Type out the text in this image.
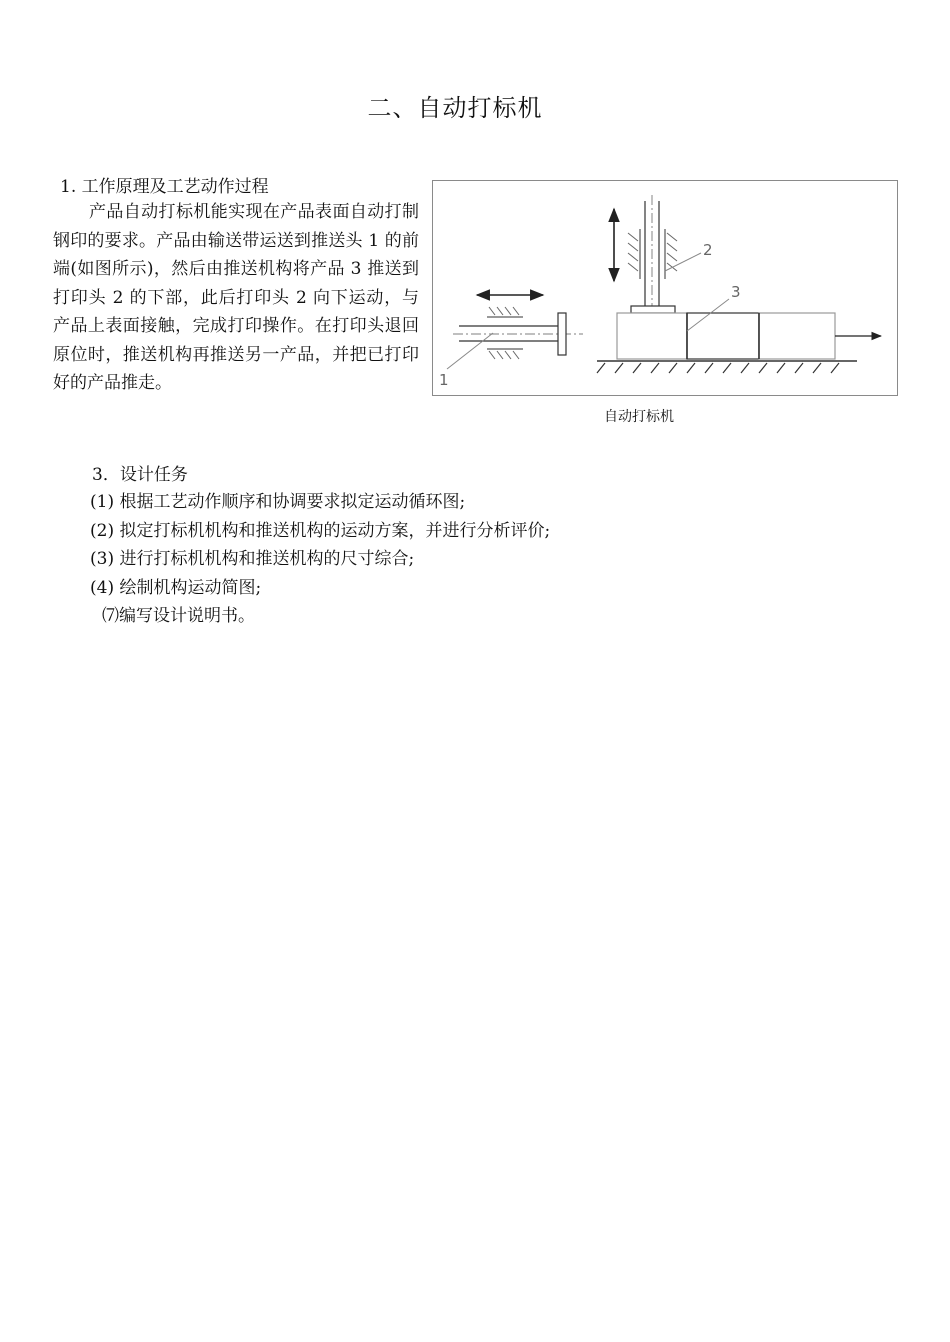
二、自动打标机
1. 工作原理及工艺动作过程
产品自动打标机能实现在产品表面自动打制钢印的要求。产品由输送带运送到推送头 1 的前端(如图所示)，然后由推送机构将产品 3 推送到打印头 2 的下部，此后打印头 2 向下运动，与产品上表面接触，完成打印操作。在打印头退回原位时，推送机构再推送另一产品，并把已打印好的产品推走。	1
2
3
自动打标机
3．设计任务
(1) 根据工艺动作顺序和协调要求拟定运动循环图;
(2) 拟定打标机机构和推送机构的运动方案，并进行分析评价;
(3) 进行打标机机构和推送机构的尺寸综合;
(4) 绘制机构运动简图;
⑺编写设计说明书。
